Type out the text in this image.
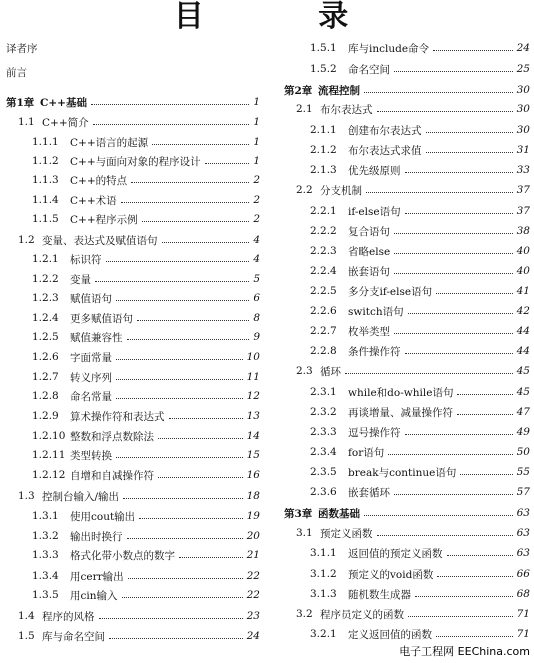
目 录
译者序
前言
第1章 C++基础	1
1.1 C++简介	1
1.1.1	C++语言的起源	1
1.1.2	C++与面向对象的程序设计	1
1.1.3	C++的特点	2
1.1.4	C++术语	2
1.1.5	C++程序示例	2
1.2 变量、表达式及赋值语句	4
1.2.1	标识符	4
1.2.2	变量	5
1.2.3	赋值语句	6
1.2.4	更多赋值语句	8
1.2.5	赋值兼容性	9
1.2.6	字面常量	10
1.2.7	转义序列	11
1.2.8	命名常量	12
1.2.9	算术操作符和表达式	13
1.2.10 整数和浮点数除法	14
1.2.11 类型转换	15
1.2.12 自增和自减操作符	16
1.3 控制台输入/输出	18
1.3.1	使用cout输出	19
1.3.2	输出时换行	20
1.3.3	格式化带小数点的数字	21
1.3.4	用cerr输出	22
1.3.5	用cin输入	22
1.4 程序的风格	23
1.5 库与命名空间	24
1.5.1	库与include命令	24
1.5.2	命名空间	25
第2章 流程控制	30
2.1 布尔表达式	30
2.1.1	创建布尔表达式	30
2.1.2	布尔表达式求值	31
2.1.3	优先级原则	33
2.2 分支机制	37
2.2.1	if-else语句	37
2.2.2	复合语句	38
2.2.3	省略else	40
2.2.4	嵌套语句	40
2.2.5	多分支if-else语句	41
2.2.6	switch语句	42
2.2.7	枚举类型	44
2.2.8	条件操作符	44
2.3 循环	45
2.3.1	while和do-while语句	45
2.3.2	再谈增量、减量操作符	47
2.3.3	逗号操作符	49
2.3.4	for语句	50
2.3.5	break与continue语句	55
2.3.6	嵌套循环	57
第3章 函数基础	63
3.1 预定义函数	63
3.1.1	返回值的预定义函数	63
3.1.2	预定义的void函数	66
3.1.3	随机数生成器	68
3.2 程序员定义的函数	71
3.2.1	定义返回值的函数	71
电子工程网 EEChina.com
